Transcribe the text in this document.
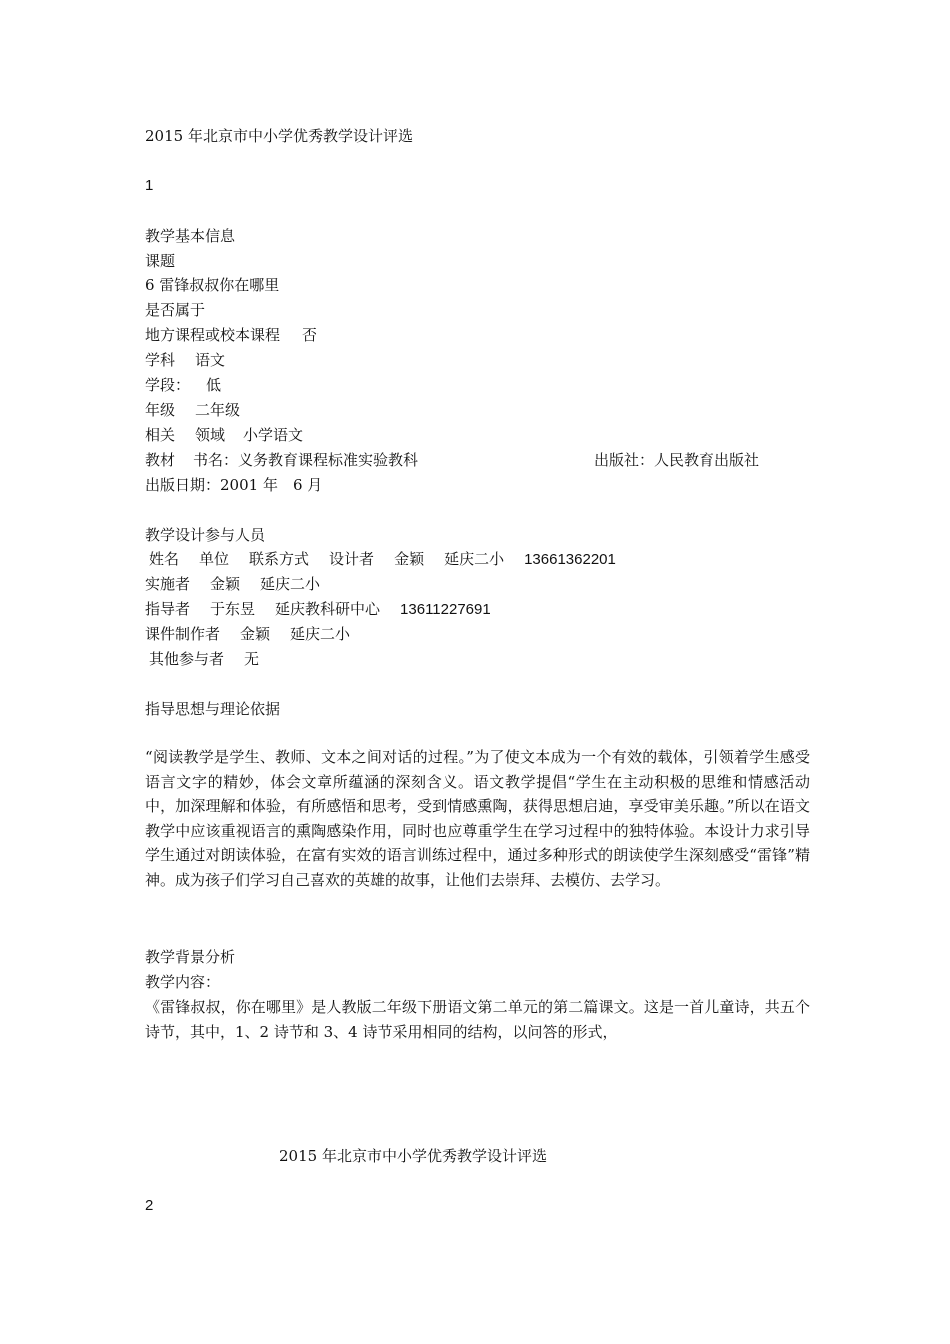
2015 年北京市中小学优秀教学设计评选
1
教学基本信息
课题
6 雷锋叔叔你在哪里
是否属于
地方课程或校本课程 否
学科 语文
学段： 低
年级 二年级
相关 领域 小学语文
教材 书名：义务教育课程标准实验教科	出版社：人民教育出版社
出版日期：2001 年　6 月
教学设计参与人员
姓名 单位 联系方式 设计者 金颖 延庆二小 13661362201
实施者 金颖 延庆二小
指导者 于东昱 延庆教科研中心 13611227691
课件制作者 金颖 延庆二小
其他参与者 无
指导思想与理论依据
“阅读教学是学生、教师、文本之间对话的过程。”为了使文本成为一个有效的载体，引领着学生感受语言文字的精妙，体会文章所蕴涵的深刻含义。语文教学提倡“学生在主动积极的思维和情感活动中，加深理解和体验，有所感悟和思考，受到情感熏陶，获得思想启迪，享受审美乐趣。”所以在语文教学中应该重视语言的熏陶感染作用，同时也应尊重学生在学习过程中的独特体验。本设计力求引导学生通过对朗读体验，在富有实效的语言训练过程中，通过多种形式的朗读使学生深刻感受“雷锋”精神。成为孩子们学习自己喜欢的英雄的故事，让他们去崇拜、去模仿、去学习。
教学背景分析
教学内容：
《雷锋叔叔，你在哪里》是人教版二年级下册语文第二单元的第二篇课文。这是一首儿童诗，共五个诗节，其中，1、2 诗节和 3、4 诗节采用相同的结构，以问答的形式，
2015 年北京市中小学优秀教学设计评选
2
